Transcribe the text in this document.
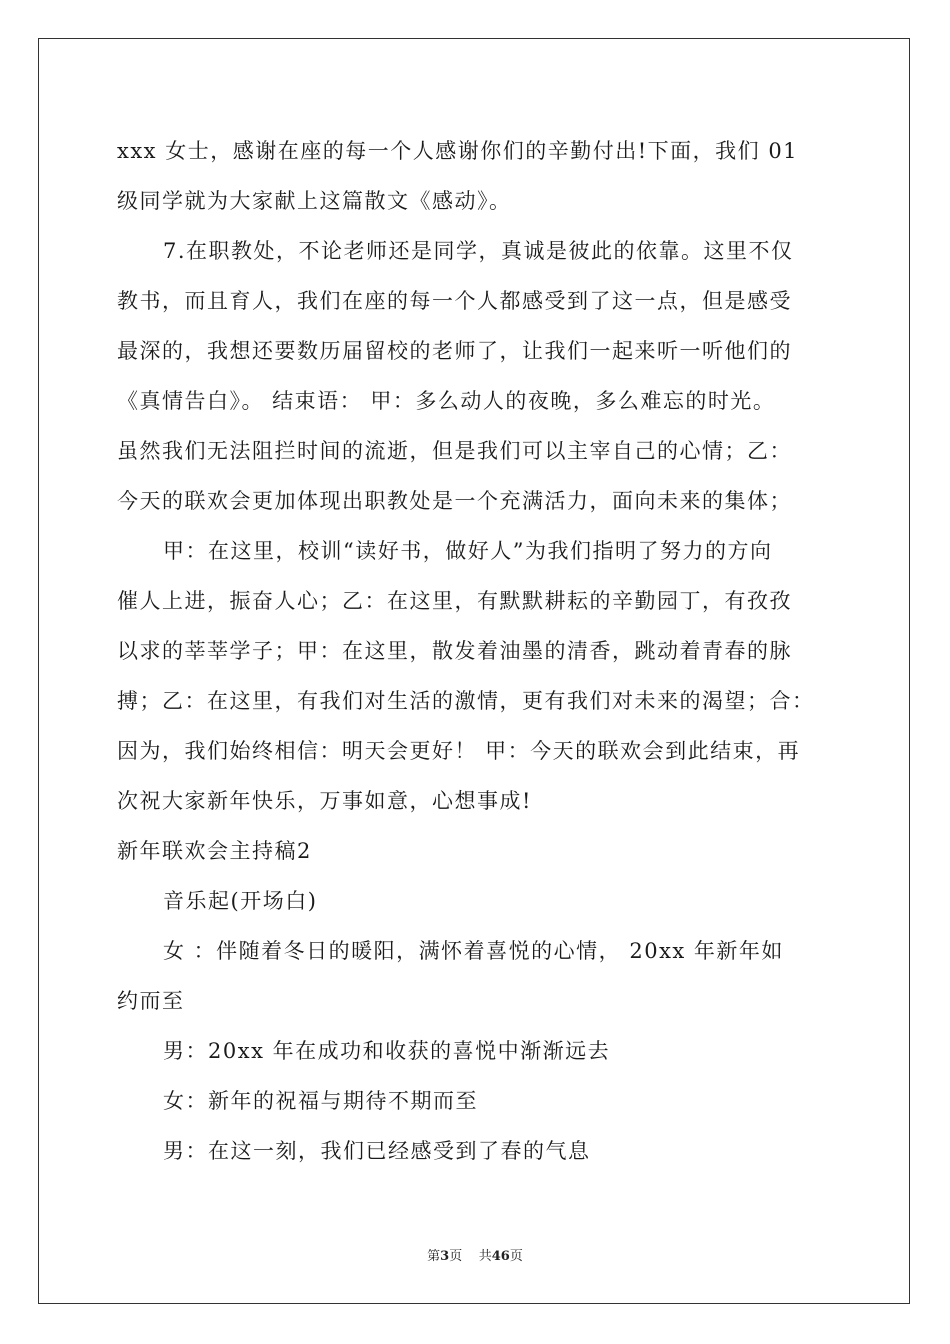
xxx 女士，感谢在座的每一个人感谢你们的辛勤付出!下面，我们 01
级同学就为大家献上这篇散文《感动》。
7.在职教处，不论老师还是同学，真诚是彼此的依靠。这里不仅
教书，而且育人，我们在座的每一个人都感受到了这一点，但是感受
最深的，我想还要数历届留校的老师了，让我们一起来听一听他们的
《真情告白》。 结束语： 甲：多么动人的夜晚，多么难忘的时光。
虽然我们无法阻拦时间的流逝，但是我们可以主宰自己的心情；乙：
今天的联欢会更加体现出职教处是一个充满活力，面向未来的集体；
甲：在这里，校训“读好书，做好人”为我们指明了努力的方向
催人上进，振奋人心；乙：在这里，有默默耕耘的辛勤园丁，有孜孜
以求的莘莘学子；甲：在这里，散发着油墨的清香，跳动着青春的脉
搏；乙：在这里，有我们对生活的激情，更有我们对未来的渴望；合：
因为，我们始终相信：明天会更好！ 甲：今天的联欢会到此结束，再
次祝大家新年快乐，万事如意，心想事成!
新年联欢会主持稿2
音乐起(开场白)
女 ：伴随着冬日的暖阳，满怀着喜悦的心情， 20xx 年新年如
约而至
男：20xx 年在成功和收获的喜悦中渐渐远去
女：新年的祝福与期待不期而至
男：在这一刻，我们已经感受到了春的气息
第3页 共46页
